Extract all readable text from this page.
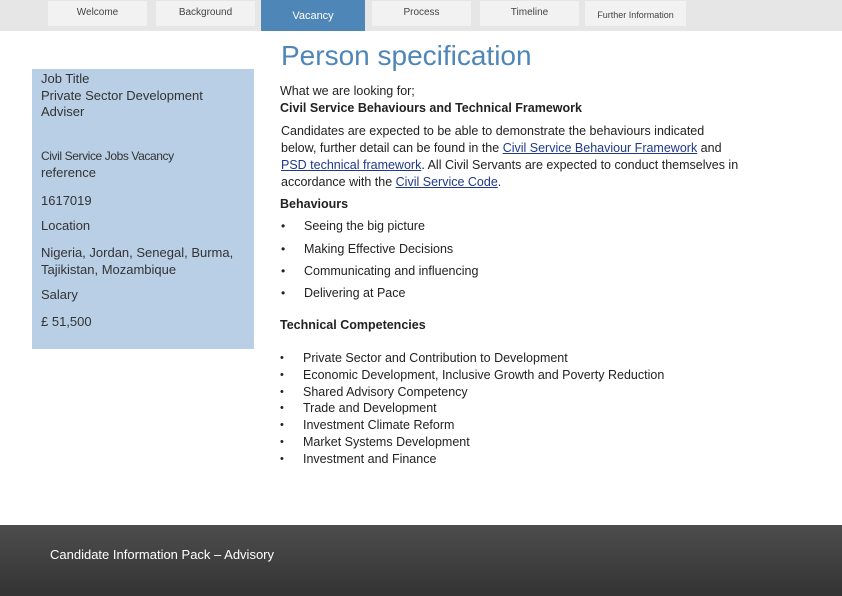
Welcome	Background	Vacancy	Process	Timeline	Further Information
Job Title
Private Sector Development
Adviser
Civil Service Jobs Vacancy
reference
1617019
Location
Nigeria, Jordan, Senegal, Burma,
Tajikistan, Mozambique
Salary
£ 51,500
Person specification
What we are looking for;
Civil Service Behaviours and Technical Framework
Candidates are expected to be able to demonstrate the behaviours indicated below, further detail can be found in the Civil Service Behaviour Framework and PSD technical framework. All Civil Servants are expected to conduct themselves in accordance with the Civil Service Code.
Behaviours
• Seeing the big picture
• Making Effective Decisions
• Communicating and influencing
• Delivering at Pace
Technical Competencies
• Private Sector and Contribution to Development
• Economic Development, Inclusive Growth and Poverty Reduction
• Shared Advisory Competency
• Trade and Development
• Investment Climate Reform
• Market Systems Development
• Investment and Finance
Candidate Information Pack – Advisory
